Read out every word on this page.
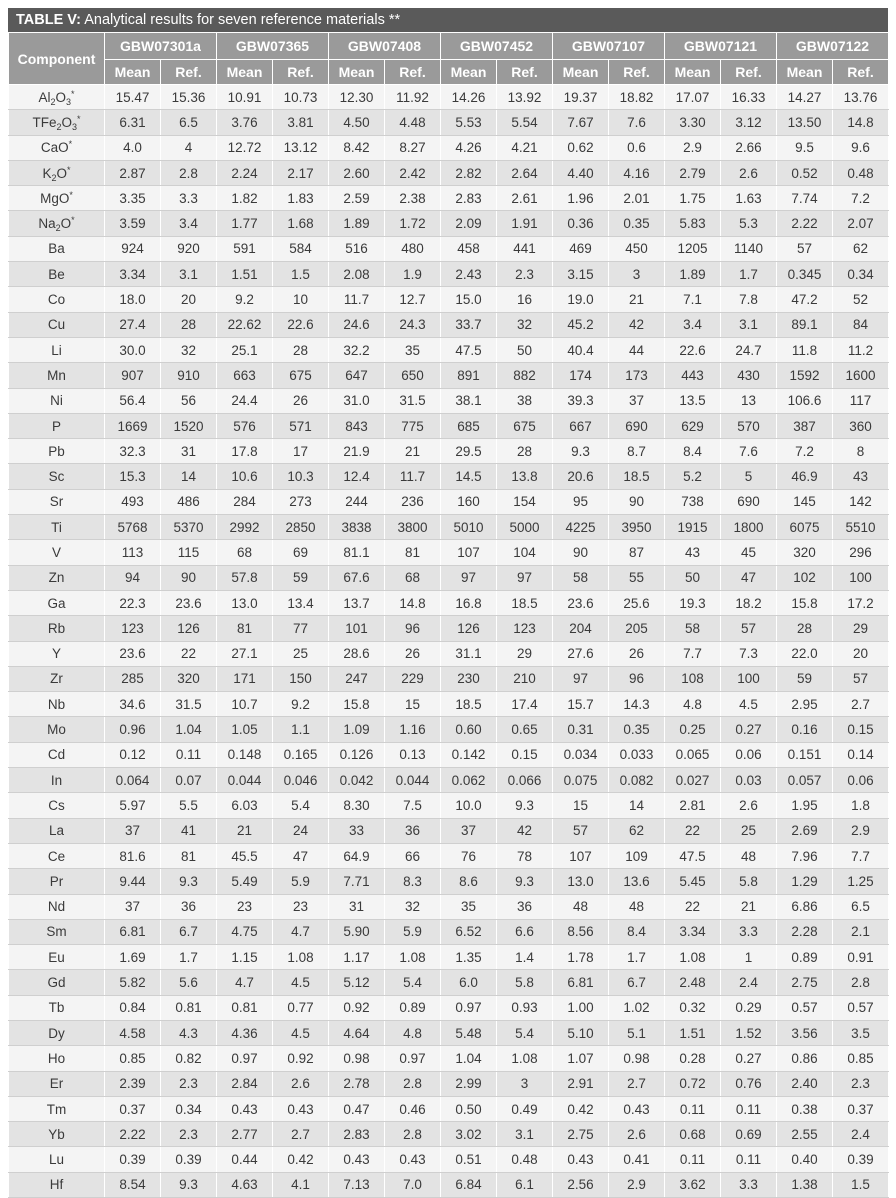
TABLE V: Analytical results for seven reference materials **
Component	GBW07301a		GBW07365		GBW07408		GBW07452		GBW07107		GBW07121		GBW07122	
	Mean	Ref.	Mean	Ref.	Mean	Ref.	Mean	Ref.	Mean	Ref.	Mean	Ref.	Mean	Ref.
$Al_2O_3^*$	15.47	15.36	10.91	10.73	12.30	11.92	14.26	13.92	19.37	18.82	17.07	16.33	14.27	13.76
$TFe_2O_3^*$	6.31	6.5	3.76	3.81	4.50	4.48	5.53	5.54	7.67	7.6	3.30	3.12	13.50	14.8
CaO*	4.0	4	12.72	13.12	8.42	8.27	4.26	4.21	0.62	0.6	2.9	2.66	9.5	9.6
$K_2O^*$	2.87	2.8	2.24	2.17	2.60	2.42	2.82	2.64	4.40	4.16	2.79	2.6	0.52	0.48
MgO*	3.35	3.3	1.82	1.83	2.59	2.38	2.83	2.61	1.96	2.01	1.75	1.63	7.74	7.2
$Na_2O^*$	3.59	3.4	1.77	1.68	1.89	1.72	2.09	1.91	0.36	0.35	5.83	5.3	2.22	2.07
Ba	924	920	591	584	516	480	458	441	469	450	1205	1140	57	62
Be	3.34	3.1	1.51	1.5	2.08	1.9	2.43	2.3	3.15	3	1.89	1.7	0.345	0.34
Co	18.0	20	9.2	10	11.7	12.7	15.0	16	19.0	21	7.1	7.8	47.2	52
Cu	27.4	28	22.62	22.6	24.6	24.3	33.7	32	45.2	42	3.4	3.1	89.1	84
Li	30.0	32	25.1	28	32.2	35	47.5	50	40.4	44	22.6	24.7	11.8	11.2
Mn	907	910	663	675	647	650	891	882	174	173	443	430	1592	1600
Ni	56.4	56	24.4	26	31.0	31.5	38.1	38	39.3	37	13.5	13	106.6	117
P	1669	1520	576	571	843	775	685	675	667	690	629	570	387	360
Pb	32.3	31	17.8	17	21.9	21	29.5	28	9.3	8.7	8.4	7.6	7.2	8
Sc	15.3	14	10.6	10.3	12.4	11.7	14.5	13.8	20.6	18.5	5.2	5	46.9	43
Sr	493	486	284	273	244	236	160	154	95	90	738	690	145	142
Ti	5768	5370	2992	2850	3838	3800	5010	5000	4225	3950	1915	1800	6075	5510
V	113	115	68	69	81.1	81	107	104	90	87	43	45	320	296
Zn	94	90	57.8	59	67.6	68	97	97	58	55	50	47	102	100
Ga	22.3	23.6	13.0	13.4	13.7	14.8	16.8	18.5	23.6	25.6	19.3	18.2	15.8	17.2
Rb	123	126	81	77	101	96	126	123	204	205	58	57	28	29
Y	23.6	22	27.1	25	28.6	26	31.1	29	27.6	26	7.7	7.3	22.0	20
Zr	285	320	171	150	247	229	230	210	97	96	108	100	59	57
Nb	34.6	31.5	10.7	9.2	15.8	15	18.5	17.4	15.7	14.3	4.8	4.5	2.95	2.7
Mo	0.96	1.04	1.05	1.1	1.09	1.16	0.60	0.65	0.31	0.35	0.25	0.27	0.16	0.15
Cd	0.12	0.11	0.148	0.165	0.126	0.13	0.142	0.15	0.034	0.033	0.065	0.06	0.151	0.14
In	0.064	0.07	0.044	0.046	0.042	0.044	0.062	0.066	0.075	0.082	0.027	0.03	0.057	0.06
Cs	5.97	5.5	6.03	5.4	8.30	7.5	10.0	9.3	15	14	2.81	2.6	1.95	1.8
La	37	41	21	24	33	36	37	42	57	62	22	25	2.69	2.9
Ce	81.6	81	45.5	47	64.9	66	76	78	107	109	47.5	48	7.96	7.7
Pr	9.44	9.3	5.49	5.9	7.71	8.3	8.6	9.3	13.0	13.6	5.45	5.8	1.29	1.25
Nd	37	36	23	23	31	32	35	36	48	48	22	21	6.86	6.5
Sm	6.81	6.7	4.75	4.7	5.90	5.9	6.52	6.6	8.56	8.4	3.34	3.3	2.28	2.1
Eu	1.69	1.7	1.15	1.08	1.17	1.08	1.35	1.4	1.78	1.7	1.08	1	0.89	0.91
Gd	5.82	5.6	4.7	4.5	5.12	5.4	6.0	5.8	6.81	6.7	2.48	2.4	2.75	2.8
Tb	0.84	0.81	0.81	0.77	0.92	0.89	0.97	0.93	1.00	1.02	0.32	0.29	0.57	0.57
Dy	4.58	4.3	4.36	4.5	4.64	4.8	5.48	5.4	5.10	5.1	1.51	1.52	3.56	3.5
Ho	0.85	0.82	0.97	0.92	0.98	0.97	1.04	1.08	1.07	0.98	0.28	0.27	0.86	0.85
Er	2.39	2.3	2.84	2.6	2.78	2.8	2.99	3	2.91	2.7	0.72	0.76	2.40	2.3
Tm	0.37	0.34	0.43	0.43	0.47	0.46	0.50	0.49	0.42	0.43	0.11	0.11	0.38	0.37
Yb	2.22	2.3	2.77	2.7	2.83	2.8	3.02	3.1	2.75	2.6	0.68	0.69	2.55	2.4
Lu	0.39	0.39	0.44	0.42	0.43	0.43	0.51	0.48	0.43	0.41	0.11	0.11	0.40	0.39
Hf	8.54	9.3	4.63	4.1	7.13	7.0	6.84	6.1	2.56	2.9	3.62	3.3	1.38	1.5
